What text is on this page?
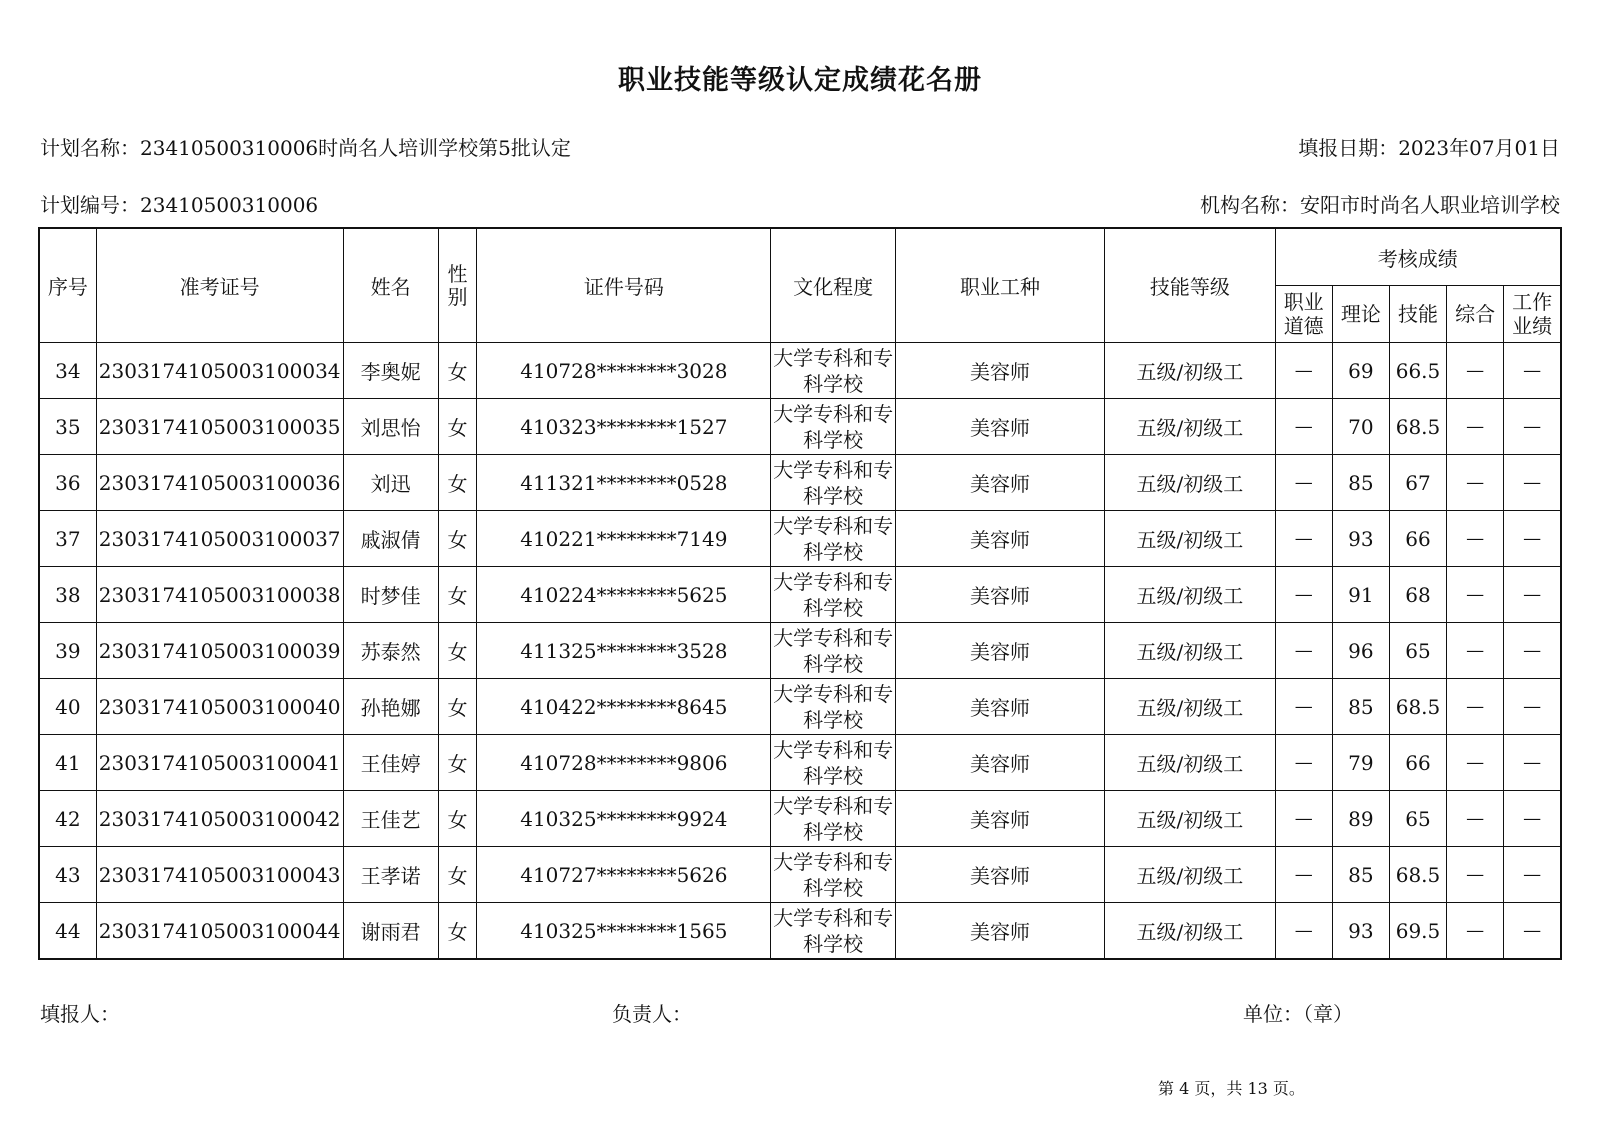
职业技能等级认定成绩花名册
计划名称：23410500310006时尚名人培训学校第5批认定	填报日期：2023年07月01日
计划编号：23410500310006	机构名称：安阳市时尚名人职业培训学校
序号	准考证号	姓名	性别	证件号码	文化程度	职业工种	技能等级	考核成绩				
								职业道德	理论	技能	综合	工作业绩
34	2303174105003100034	李奥妮	女	410728********3028	大学专科和专科学校	美容师	五级/初级工	—	69	66.5	—	—
35	2303174105003100035	刘思怡	女	410323********1527	大学专科和专科学校	美容师	五级/初级工	—	70	68.5	—	—
36	2303174105003100036	刘迅	女	411321********0528	大学专科和专科学校	美容师	五级/初级工	—	85	67	—	—
37	2303174105003100037	戚淑倩	女	410221********7149	大学专科和专科学校	美容师	五级/初级工	—	93	66	—	—
38	2303174105003100038	时梦佳	女	410224********5625	大学专科和专科学校	美容师	五级/初级工	—	91	68	—	—
39	2303174105003100039	苏泰然	女	411325********3528	大学专科和专科学校	美容师	五级/初级工	—	96	65	—	—
40	2303174105003100040	孙艳娜	女	410422********8645	大学专科和专科学校	美容师	五级/初级工	—	85	68.5	—	—
41	2303174105003100041	王佳婷	女	410728********9806	大学专科和专科学校	美容师	五级/初级工	—	79	66	—	—
42	2303174105003100042	王佳艺	女	410325********9924	大学专科和专科学校	美容师	五级/初级工	—	89	65	—	—
43	2303174105003100043	王孝诺	女	410727********5626	大学专科和专科学校	美容师	五级/初级工	—	85	68.5	—	—
44	2303174105003100044	谢雨君	女	410325********1565	大学专科和专科学校	美容师	五级/初级工	—	93	69.5	—	—
填报人：	负责人：	单位：（章）
第 4 页，共 13 页。
